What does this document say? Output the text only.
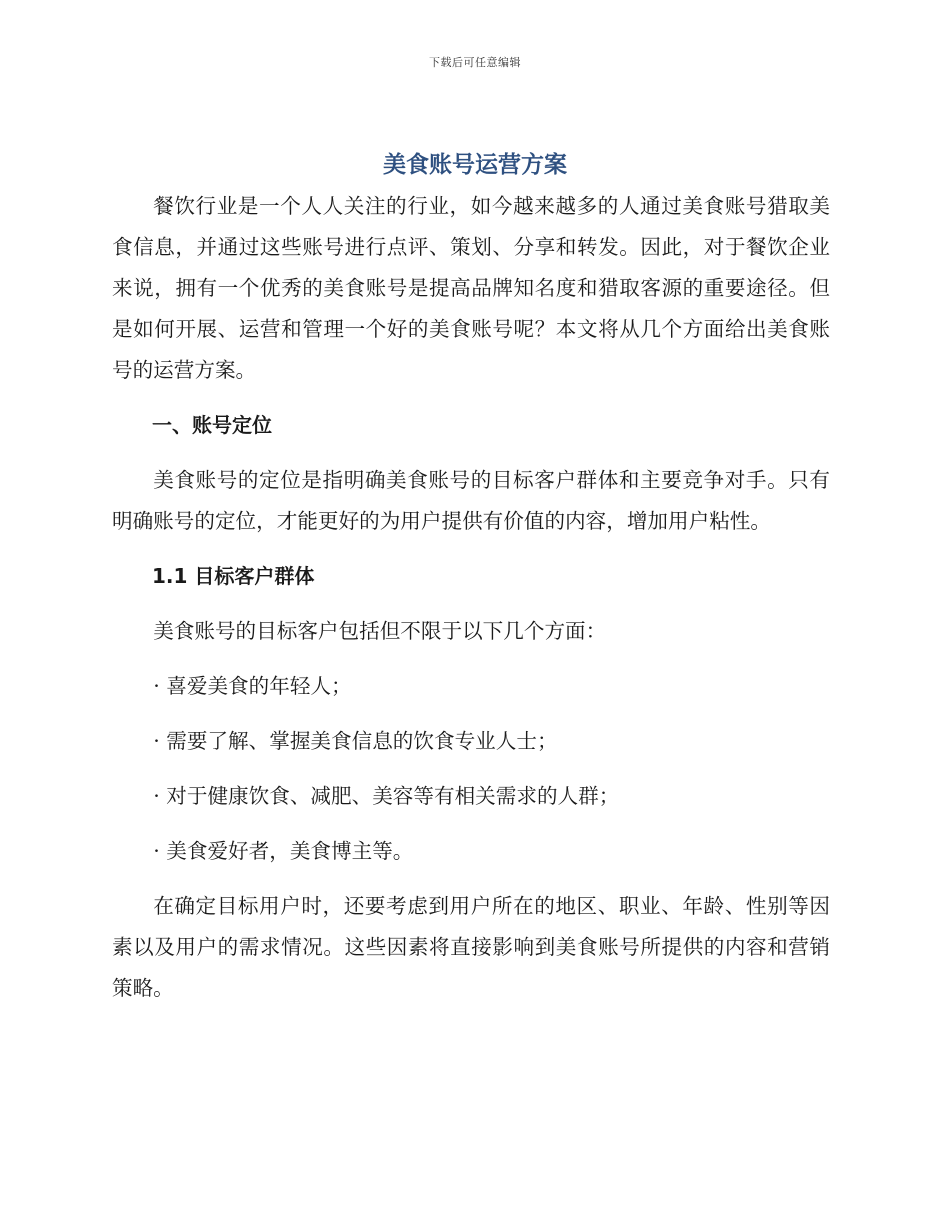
下载后可任意编辑
美食账号运营方案

餐饮行业是一个人人关注的行业，如今越来越多的人通过美食账号猎取美食信息，并通过这些账号进行点评、策划、分享和转发。因此，对于餐饮企业来说，拥有一个优秀的美食账号是提高品牌知名度和猎取客源的重要途径。但是如何开展、运营和管理一个好的美食账号呢？本文将从几个方面给出美食账号的运营方案。

一、账号定位

美食账号的定位是指明确美食账号的目标客户群体和主要竞争对手。只有明确账号的定位，才能更好的为用户提供有价值的内容，增加用户粘性。

1.1 目标客户群体

美食账号的目标客户包括但不限于以下几个方面：

· 喜爱美食的年轻人；

· 需要了解、掌握美食信息的饮食专业人士；

· 对于健康饮食、减肥、美容等有相关需求的人群；

· 美食爱好者，美食博主等。

在确定目标用户时，还要考虑到用户所在的地区、职业、年龄、性别等因素以及用户的需求情况。这些因素将直接影响到美食账号所提供的内容和营销策略。
